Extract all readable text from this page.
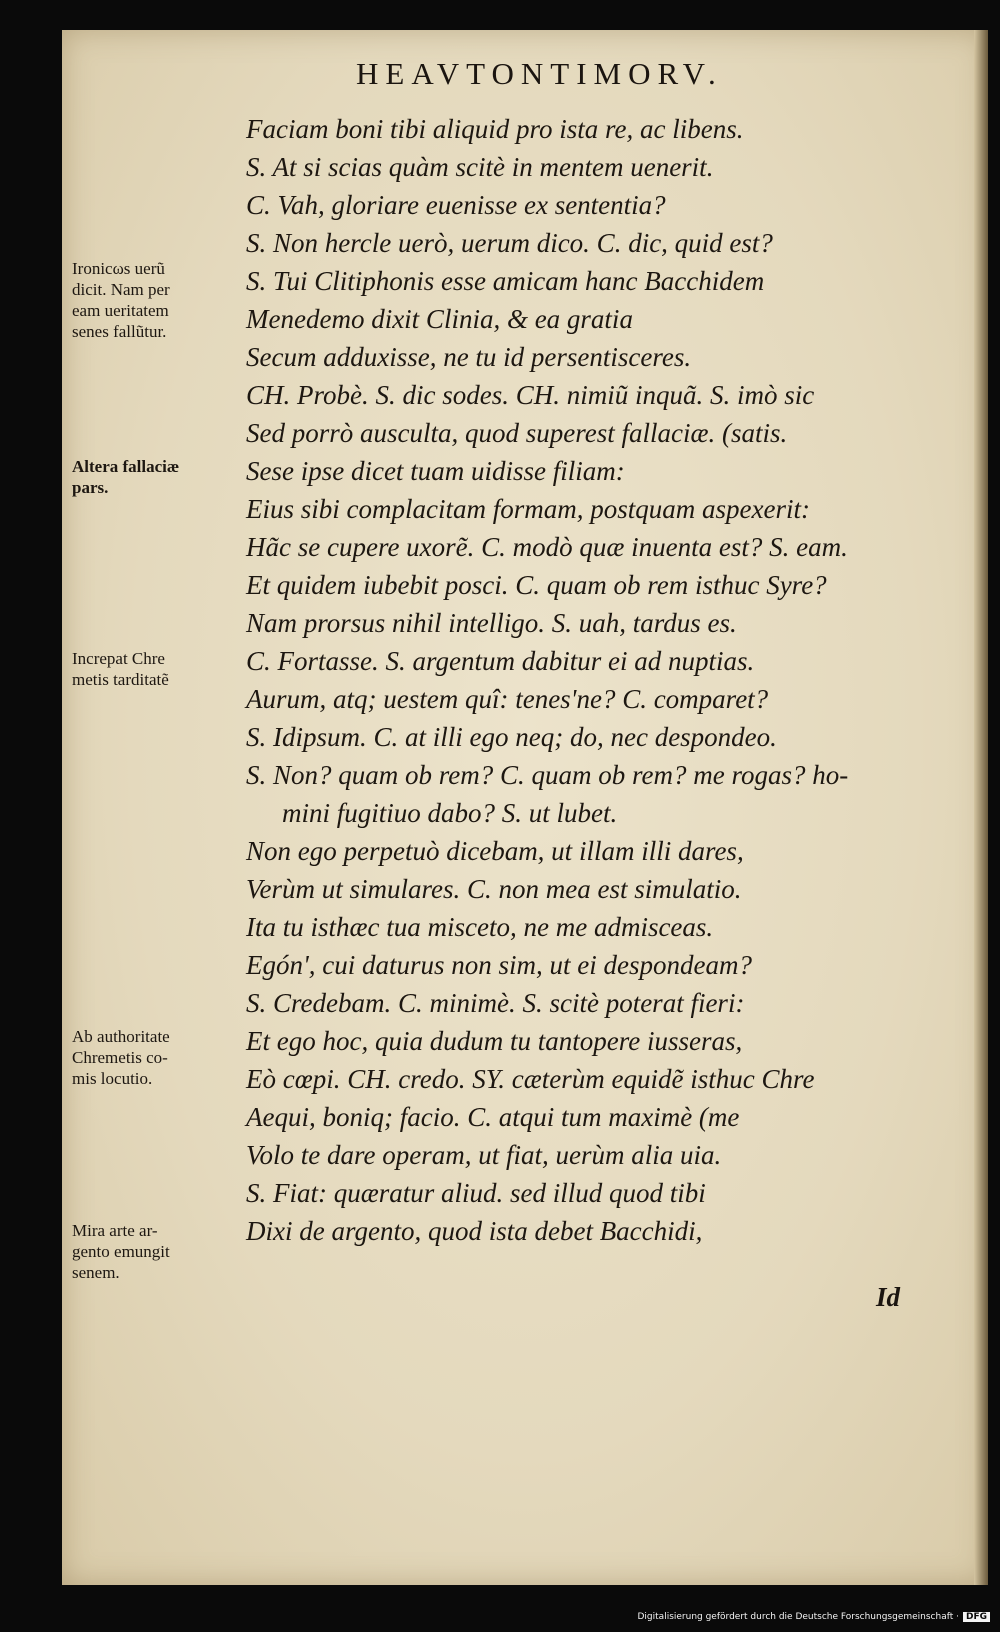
HEAVTONTIMORV.
Faciam boni tibi aliquid pro ista re, ac libens.
S. At si scias quàm scitè in mentem uenerit.
C. Vah, gloriare euenisse ex sententia?
S. Non hercle uerò, uerum dico. C. dic, quid est?
S. Tui Clitiphonis esse amicam hanc Bacchidem
Menedemo dixit Clinia, & ea gratia
Secum adduxisse, ne tu id persentisceres.
CH. Probè. S. dic sodes. CH. nimiũ inquã. S. imò sic
Sed porrò ausculta, quod superest fallaciæ. (satis.
Sese ipse dicet tuam uidisse filiam:
Eius sibi complacitam formam, postquam aspexerit:
Hãc se cupere uxorẽ. C. modò quæ inuenta est? S. eam.
Et quidem iubebit posci. C. quam ob rem isthuc Syre?
Nam prorsus nihil intelligo. S. uah, tardus es.
C. Fortasse. S. argentum dabitur ei ad nuptias.
Aurum, atq; uestem quî: tenes'ne? C. comparet?
S. Idipsum. C. at illi ego neq; do, nec despondeo.
S. Non? quam ob rem? C. quam ob rem? me rogas? ho-
mini fugitiuo dabo? S. ut lubet.
Non ego perpetuò dicebam, ut illam illi dares,
Verùm ut simulares. C. non mea est simulatio.
Ita tu isthæc tua misceto, ne me admisceas.
Egón', cui daturus non sim, ut ei despondeam?
S. Credebam. C. minimè. S. scitè poterat fieri:
Et ego hoc, quia dudum tu tantopere iusseras,
Eò cœpi. CH. credo. SY. cæterùm equidẽ isthuc Chre
Aequi, boniq; facio. C. atqui tum maximè (me
Volo te dare operam, ut fiat, uerùm alia uia.
S. Fiat: quæratur aliud. sed illud quod tibi
Dixi de argento, quod ista debet Bacchidi,
Ironicωs uerũ
dicit. Nam per
eam ueritatem
senes fallũtur.
Altera fallaciæ
pars.
Increpat Chre
metis tarditatẽ
Ab authoritate
Chremetis co-
mis locutio.
Mira arte ar-
gento emungit
senem.
Id
Digitalisierung gefördert durch die Deutsche Forschungsgemeinschaft · DFG
